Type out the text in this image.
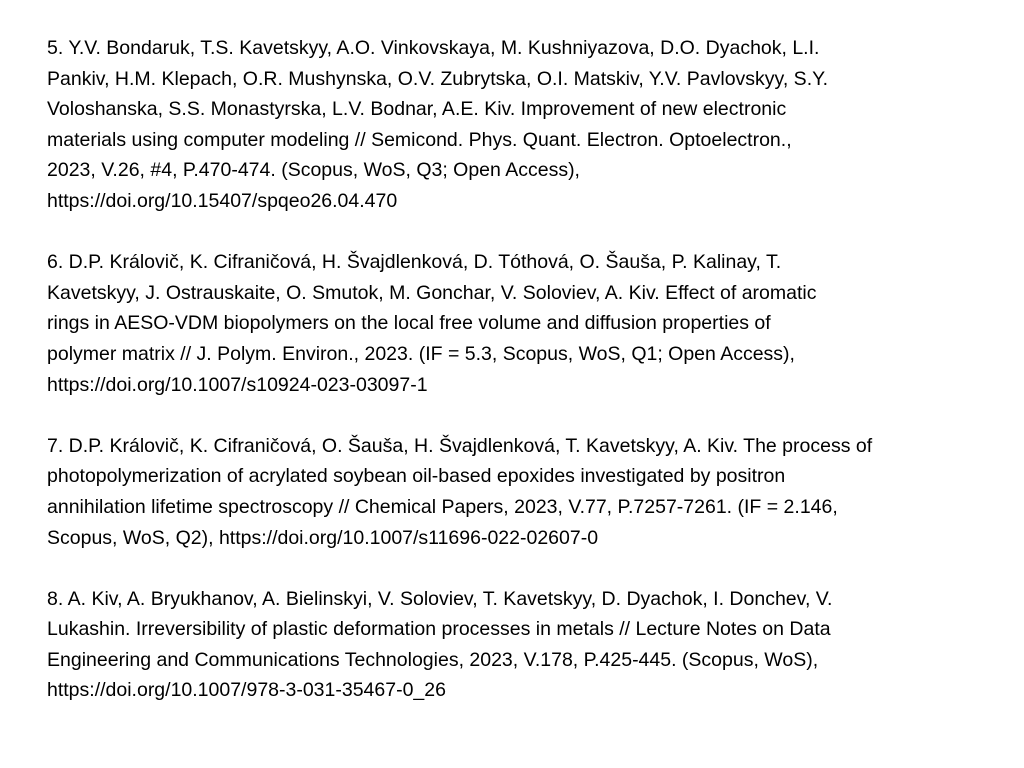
5. Y.V. Bondaruk, T.S. Kavetskyy, A.O. Vinkovskaya, M. Kushniyazova, D.O. Dyachok, L.I.
Pankiv, H.M. Klepach, O.R. Mushynska, O.V. Zubrytska, O.I. Matskiv, Y.V. Pavlovskyy, S.Y.
Voloshanska, S.S. Monastyrska, L.V. Bodnar, A.E. Kiv. Improvement of new electronic
materials using computer modeling // Semicond. Phys. Quant. Electron. Optoelectron.,
2023, V.26, #4, P.470-474. (Scopus, WoS, Q3; Open Access),
https://doi.org/10.15407/spqeo26.04.470
6. D.P. Královič, K. Cifraničová, H. Švajdlenková, D. Tóthová, O. Šauša, P. Kalinay, T.
Kavetskyy, J. Ostrauskaite, O. Smutok, M. Gonchar, V. Soloviev, A. Kiv. Effect of aromatic
rings in AESO-VDM biopolymers on the local free volume and diffusion properties of
polymer matrix // J. Polym. Environ., 2023. (IF = 5.3, Scopus, WoS, Q1; Open Access),
https://doi.org/10.1007/s10924-023-03097-1
7. D.P. Královič, K. Cifraničová, O. Šauša, H. Švajdlenková, T. Kavetskyy, A. Kiv. The process of
photopolymerization of acrylated soybean oil-based epoxides investigated by positron
annihilation lifetime spectroscopy // Chemical Papers, 2023, V.77, P.7257-7261. (IF = 2.146,
Scopus, WoS, Q2), https://doi.org/10.1007/s11696-022-02607-0
8. A. Kiv, A. Bryukhanov, A. Bielinskyi, V. Soloviev, T. Kavetskyy, D. Dyachok, I. Donchev, V.
Lukashin. Irreversibility of plastic deformation processes in metals // Lecture Notes on Data
Engineering and Communications Technologies, 2023, V.178, P.425-445. (Scopus, WoS),
https://doi.org/10.1007/978-3-031-35467-0_26
